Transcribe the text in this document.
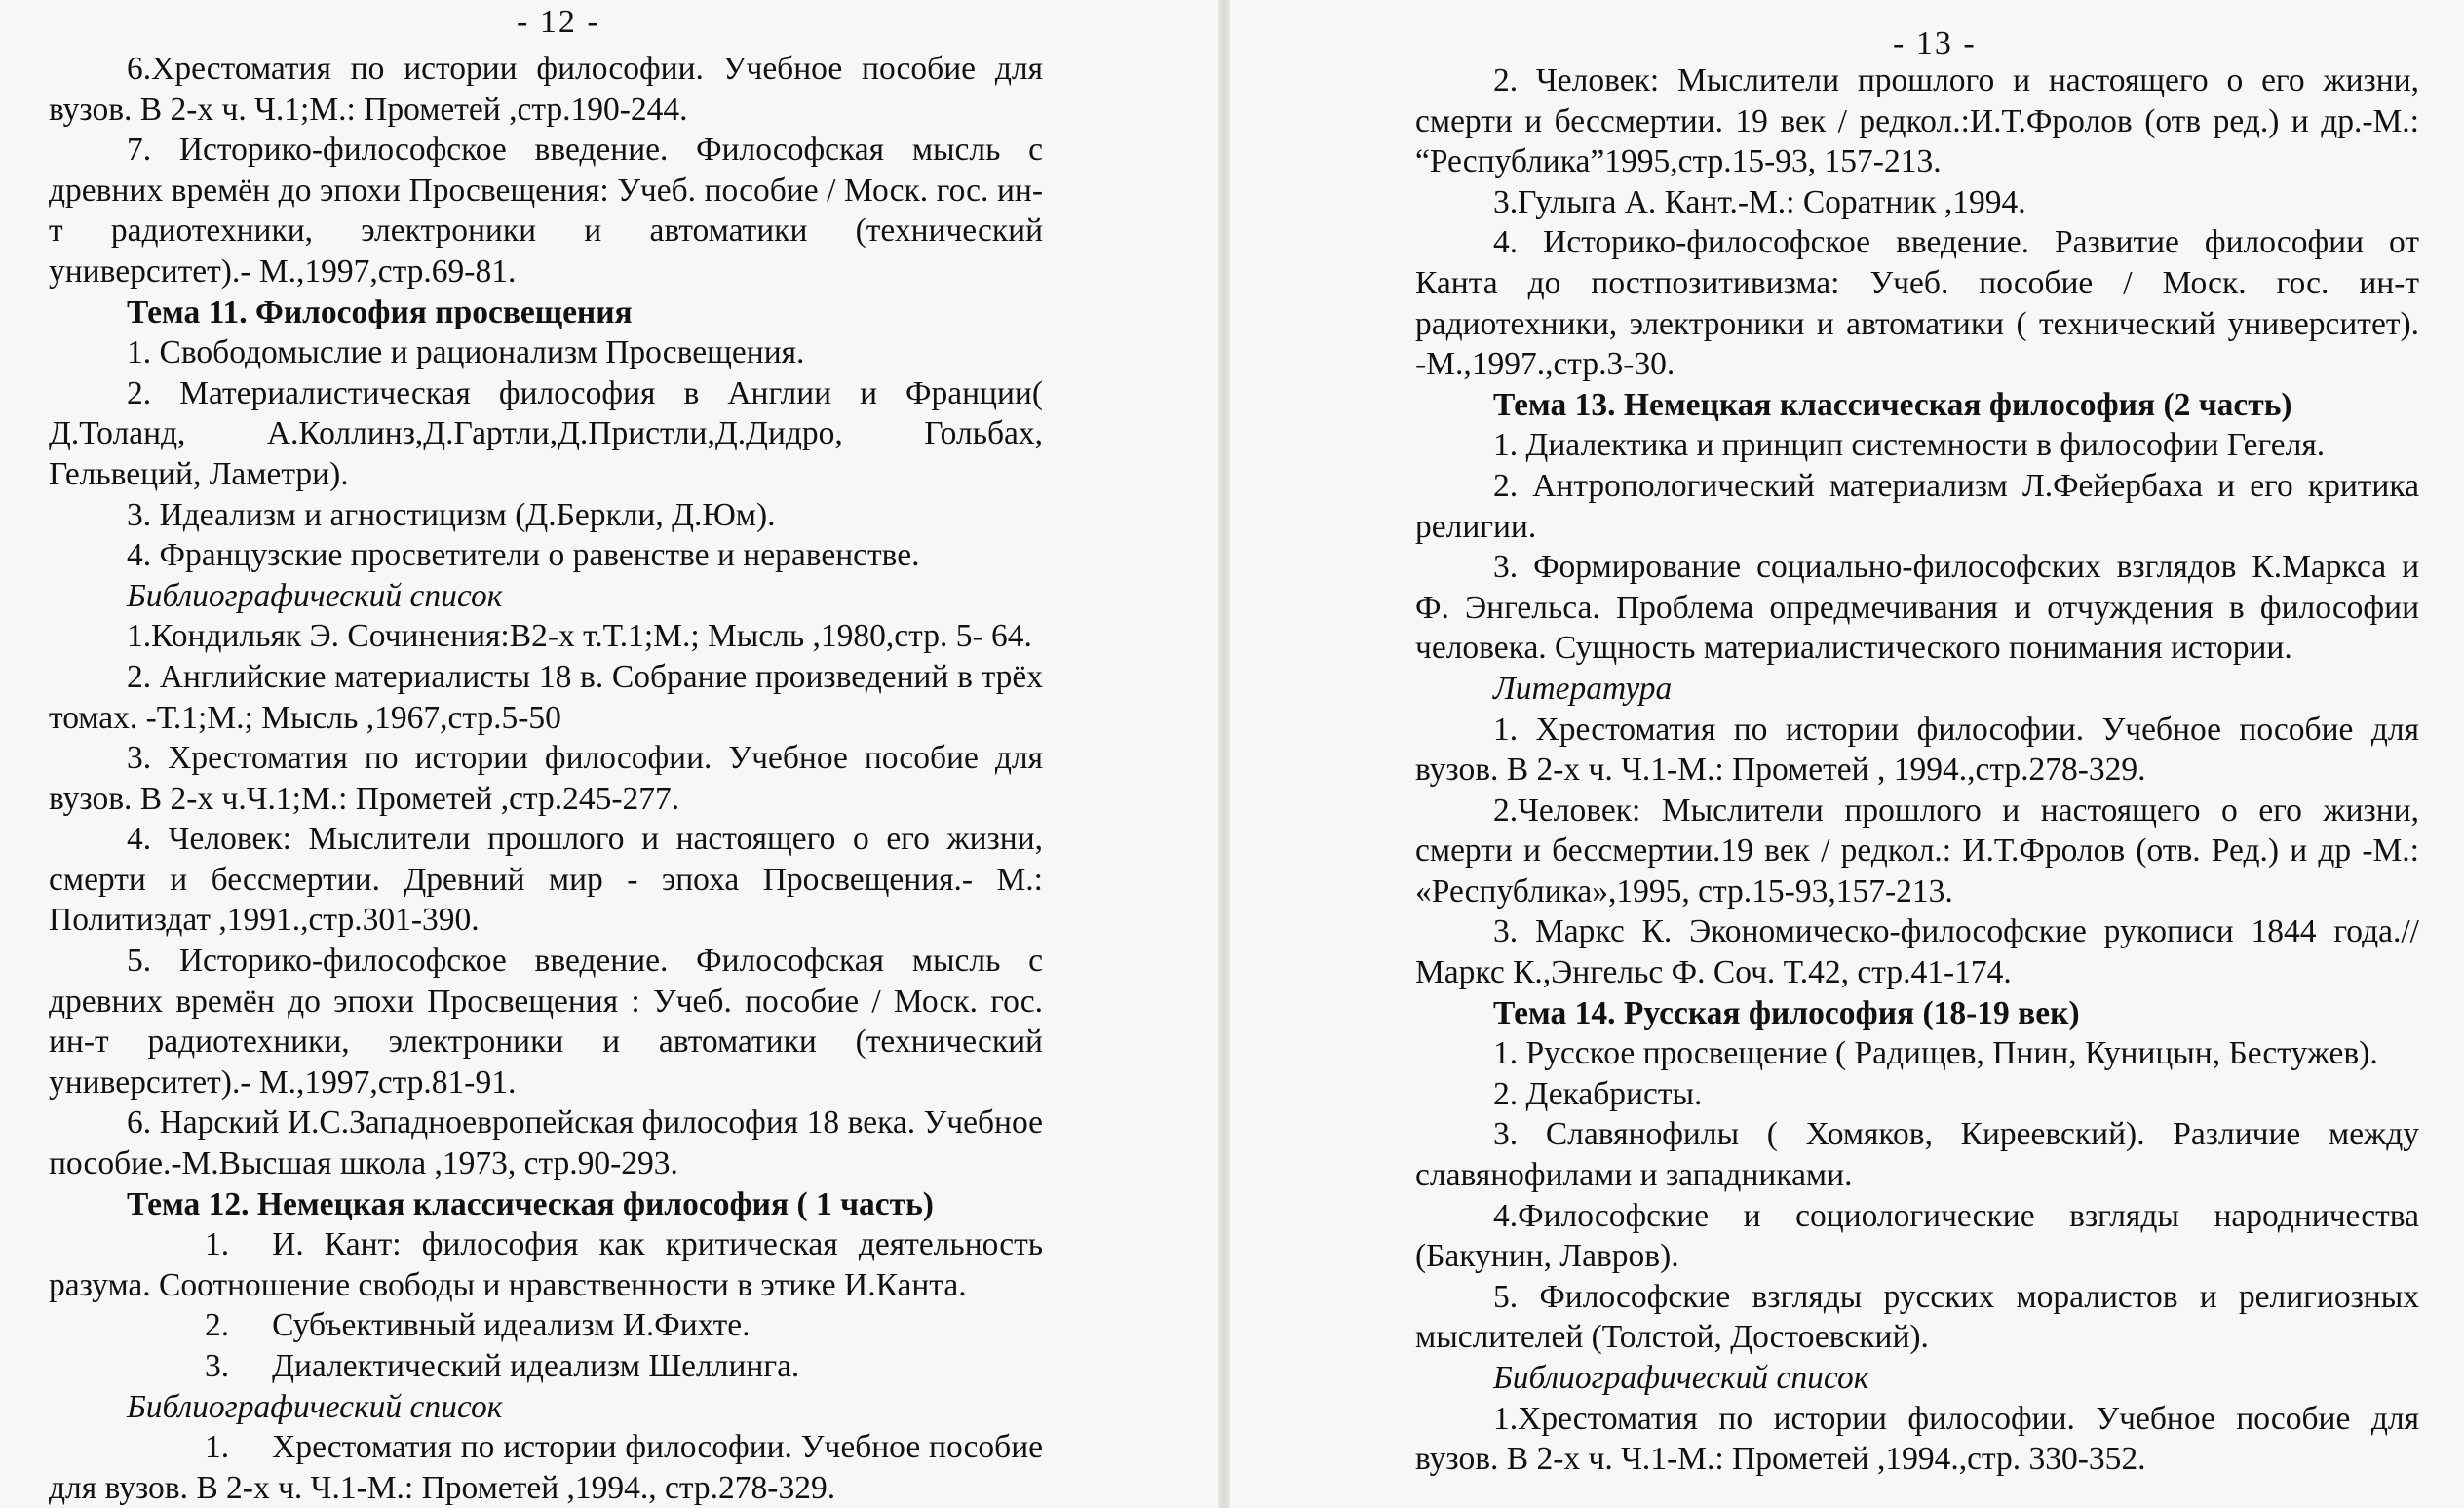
- 12 -

6.Хрестоматия по истории философии. Учебное пособие для вузов. В 2-х ч. Ч.1;М.: Прометей ,стр.190-244.

7. Историко-философское введение. Философская мысль с древних времён до эпохи Просвещения: Учеб. пособие / Моск. гос. ин-т радиотехники, электроники и автоматики (технический университет).- М.,1997,стр.69-81.

Тема 11. Философия просвещения

1. Свободомыслие и рационализм Просвещения.

2. Материалистическая философия в Англии и Франции( Д.Толанд, А.Коллинз,Д.Гартли,Д.Пристли,Д.Дидро, Гольбах, Гельвеций, Ламетри).

3. Идеализм и агностицизм (Д.Беркли, Д.Юм).

4. Французские просветители о равенстве и неравенстве.

Библиографический список

1.Кондильяк Э. Сочинения:В2-х т.Т.1;М.; Мысль ,1980,стр. 5- 64.

2. Английские материалисты 18 в. Собрание произведений в трёх томах. -Т.1;М.; Мысль ,1967,стр.5-50

3. Хрестоматия по истории философии. Учебное пособие для вузов. В 2-х ч.Ч.1;М.: Прометей ,стр.245-277.

4. Человек: Мыслители прошлого и настоящего о его жизни, смерти и бессмертии. Древний мир - эпоха Просвещения.- М.: Политиздат ,1991.,стр.301-390.

5. Историко-философское введение. Философская мысль с древних времён до эпохи Просвещения : Учеб. пособие / Моск. гос. ин-т радиотехники, электроники и автоматики (технический университет).- М.,1997,стр.81-91.

6. Нарский И.С.Западноевропейская философия 18 века. Учебное пособие.-М.Высшая школа ,1973, стр.90-293.

Тема 12. Немецкая классическая философия ( 1 часть)

1. И. Кант: философия как критическая деятельность разума. Соотношение свободы и нравственности в этике И.Канта.

2. Субъективный идеализм И.Фихте.

3. Диалектический идеализм Шеллинга.

Библиографический список

1. Хрестоматия по истории философии. Учебное пособие для вузов. В 2-х ч. Ч.1-М.: Прометей ,1994., стр.278-329.

- 13 -

2. Человек: Мыслители прошлого и настоящего о его жизни, смерти и бессмертии. 19 век / редкол.:И.Т.Фролов (отв ред.) и др.-М.: “Республика”1995,стр.15-93, 157-213.

3.Гулыга А. Кант.-М.: Соратник ,1994.

4. Историко-философское введение. Развитие философии от Канта до постпозитивизма: Учеб. пособие / Моск. гос. ин-т радиотехники, электроники и автоматики ( технический университет). -М.,1997.,стр.3-30.

Тема 13. Немецкая классическая философия (2 часть)

1. Диалектика и принцип системности в философии Гегеля.

2. Антропологический материализм Л.Фейербаха и его критика религии.

3. Формирование социально-философских взглядов К.Маркса и Ф. Энгельса. Проблема опредмечивания и отчуждения в философии человека. Сущность материалистического понимания истории.

Литература

1. Хрестоматия по истории философии. Учебное пособие для вузов. В 2-х ч. Ч.1-М.: Прометей , 1994.,стр.278-329.

2.Человек: Мыслители прошлого и настоящего о его жизни, смерти и бессмертии.19 век / редкол.: И.Т.Фролов (отв. Ред.) и др -М.: «Республика»,1995, стр.15-93,157-213.

3. Маркс К. Экономическо-философские рукописи 1844 года.// Маркс К.,Энгельс Ф. Соч. Т.42, стр.41-174.

Тема 14. Русская философия (18-19 век)

1. Русское просвещение ( Радищев, Пнин, Куницын, Бестужев).

2. Декабристы.

3. Славянофилы ( Хомяков, Киреевский). Различие между славянофилами и западниками.

4.Философские и социологические взгляды народничества (Бакунин, Лавров).

5. Философские взгляды русских моралистов и религиозных мыслителей (Толстой, Достоевский).

Библиографический список

1.Хрестоматия по истории философии. Учебное пособие для вузов. В 2-х ч. Ч.1-М.: Прометей ,1994.,стр. 330-352.
